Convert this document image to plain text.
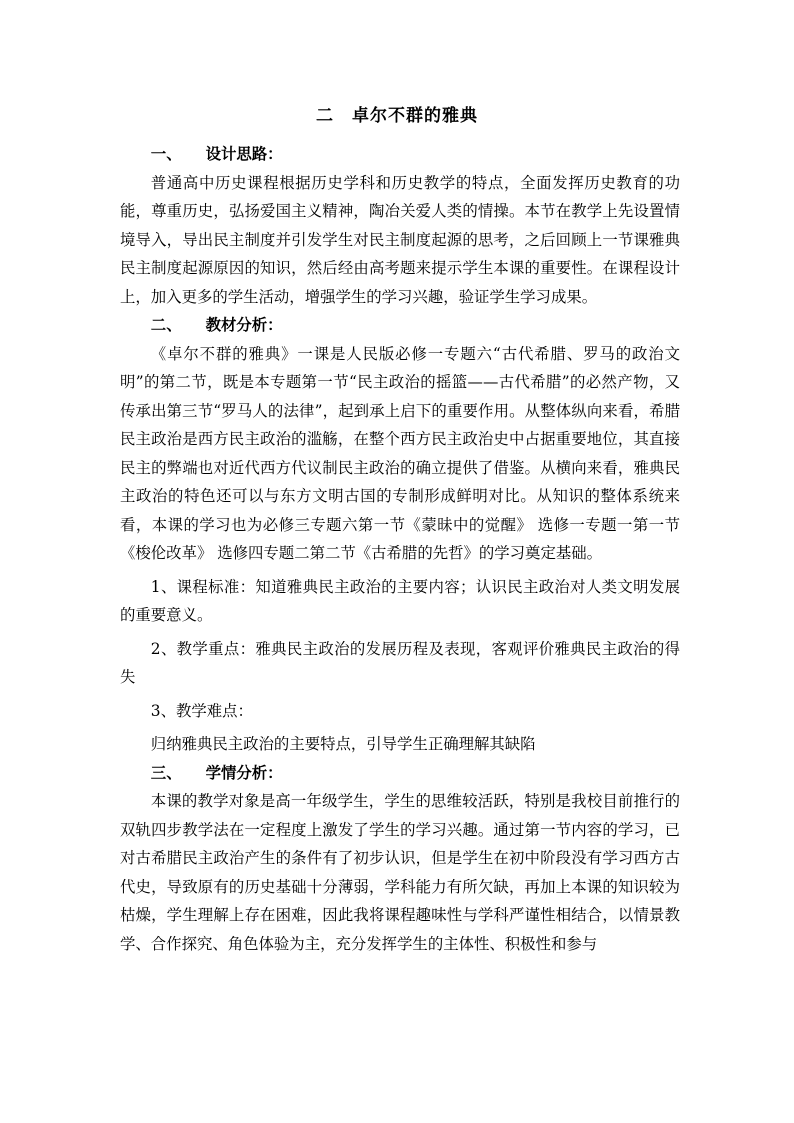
二 卓尔不群的雅典

一、 设计思路：

普通高中历史课程根据历史学科和历史教学的特点，全面发挥历史教育的功能，尊重历史，弘扬爱国主义精神，陶冶关爱人类的情操。本节在教学上先设置情境导入，导出民主制度并引发学生对民主制度起源的思考，之后回顾上一节课雅典民主制度起源原因的知识，然后经由高考题来提示学生本课的重要性。在课程设计上，加入更多的学生活动，增强学生的学习兴趣，验证学生学习成果。

二、 教材分析：

《卓尔不群的雅典》一课是人民版必修一专题六“古代希腊、罗马的政治文明”的第二节，既是本专题第一节“民主政治的摇篮——古代希腊”的必然产物，又传承出第三节“罗马人的法律”，起到承上启下的重要作用。从整体纵向来看，希腊民主政治是西方民主政治的滥觞，在整个西方民主政治史中占据重要地位，其直接民主的弊端也对近代西方代议制民主政治的确立提供了借鉴。从横向来看，雅典民主政治的特色还可以与东方文明古国的专制形成鲜明对比。从知识的整体系统来看，本课的学习也为必修三专题六第一节《蒙昧中的觉醒》 选修一专题一第一节《梭伦改革》 选修四专题二第二节《古希腊的先哲》的学习奠定基础。

1、课程标准：知道雅典民主政治的主要内容；认识民主政治对人类文明发展的重要意义。

2、教学重点：雅典民主政治的发展历程及表现，客观评价雅典民主政治的得失

3、教学难点：

归纳雅典民主政治的主要特点，引导学生正确理解其缺陷

三、 学情分析：

本课的教学对象是高一年级学生，学生的思维较活跃，特别是我校目前推行的双轨四步教学法在一定程度上激发了学生的学习兴趣。通过第一节内容的学习，已对古希腊民主政治产生的条件有了初步认识，但是学生在初中阶段没有学习西方古代史，导致原有的历史基础十分薄弱，学科能力有所欠缺，再加上本课的知识较为枯燥，学生理解上存在困难，因此我将课程趣味性与学科严谨性相结合，以情景教学、合作探究、角色体验为主，充分发挥学生的主体性、积极性和参与
